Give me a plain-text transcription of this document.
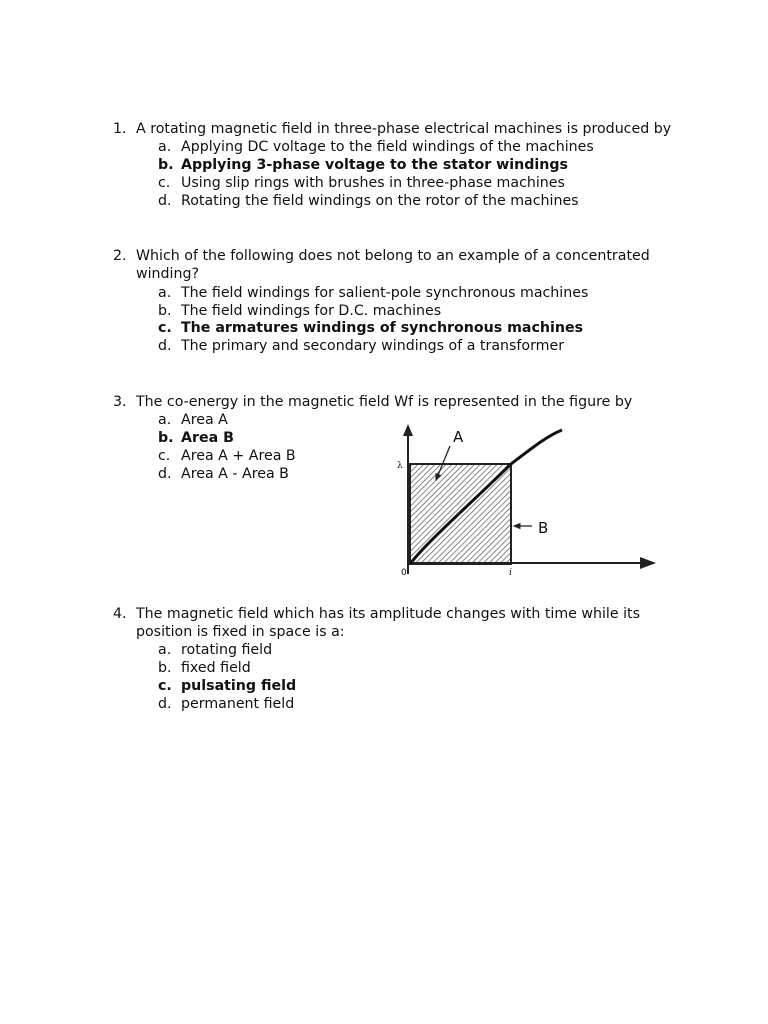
1. A rotating magnetic field in three-phase electrical machines is produced by
a. Applying DC voltage to the field windings of the machines
b. Applying 3-phase voltage to the stator windings
c. Using slip rings with brushes in three-phase machines
d. Rotating the field windings on the rotor of the machines
2. Which of the following does not belong to an example of a concentrated
winding?
a. The field windings for salient-pole synchronous machines
b. The field windings for D.C. machines
c. The armatures windings of synchronous machines
d. The primary and secondary windings of a transformer
3. The co-energy in the magnetic field Wf is represented in the figure by
a. Area A
b. Area B
c. Area A + Area B
d. Area A - Area B
A
B
λ
0	i
4. The magnetic field which has its amplitude changes with time while its
position is fixed in space is a:
a. rotating field
b. fixed field
c. pulsating field
d. permanent field
